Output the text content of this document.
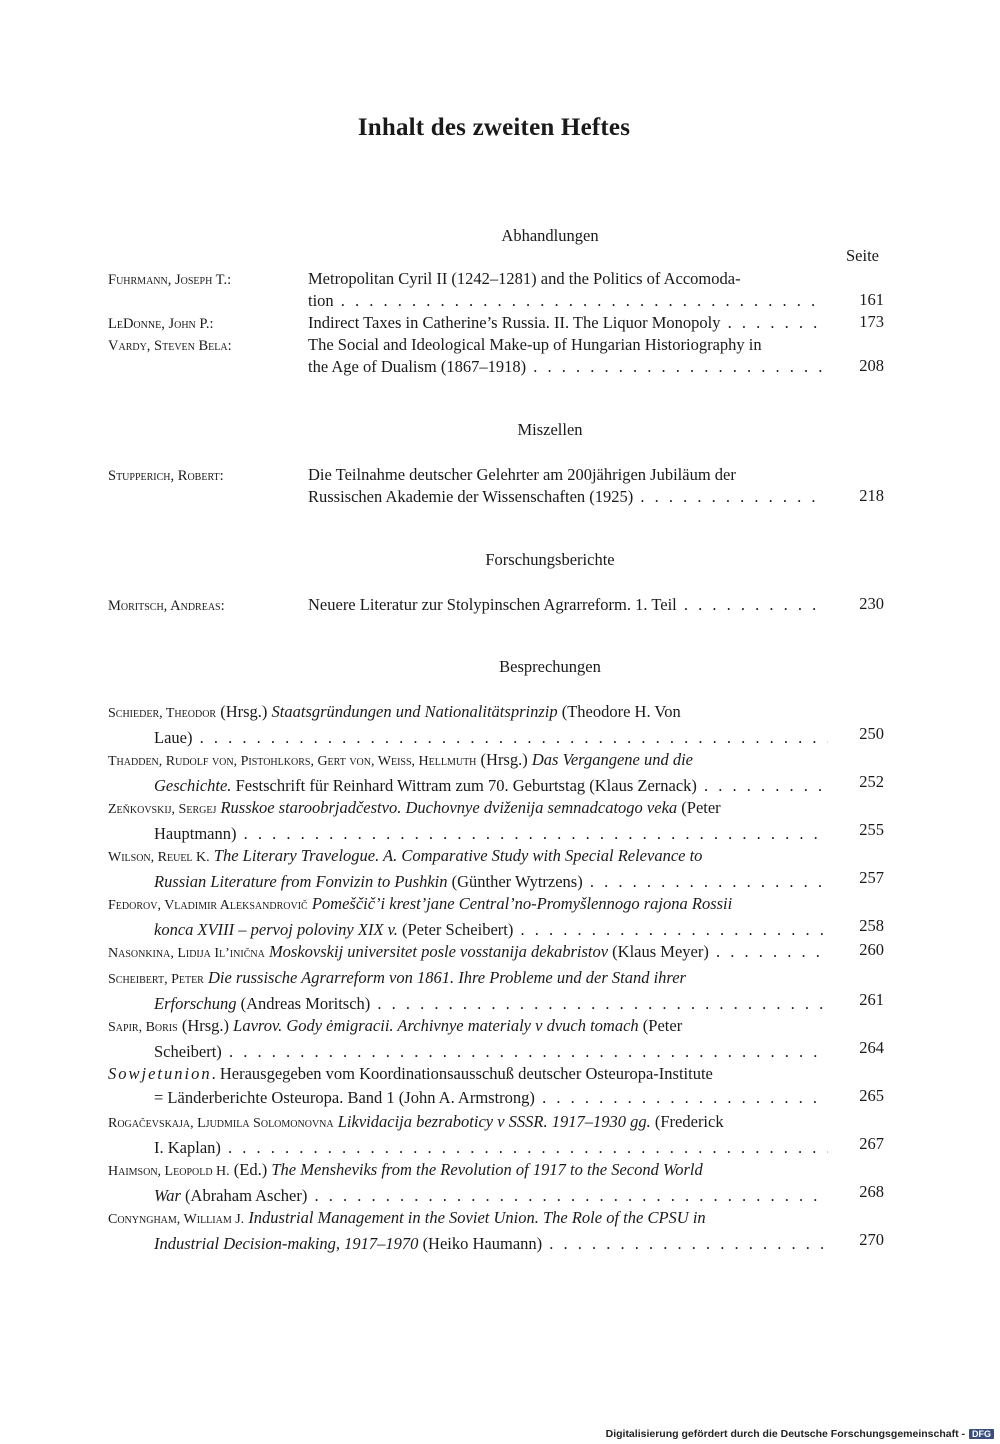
Inhalt des zweiten Heftes
Abhandlungen
Seite
Fuhrmann, Joseph T.:	Metropolitan Cyril II (1242–1281) and the Politics of Accomoda-
tion . . .	161
LeDonne, John P.:	Indirect Taxes in Catherine’s Russia. II. The Liquor Monopoly . . .	173
Vardy, Steven Bela:	The Social and Ideological Make-up of Hungarian Historiography in
the Age of Dualism (1867–1918) . . .	208
Miszellen
Stupperich, Robert:	Die Teilnahme deutscher Gelehrter am 200jährigen Jubiläum der
Russischen Akademie der Wissenschaften (1925) . . .	218
Forschungsberichte
Moritsch, Andreas:	Neuere Literatur zur Stolypinschen Agrarreform. 1. Teil . . .	230
Besprechungen
Schieder, Theodor (Hrsg.) Staatsgründungen und Nationalitätsprinzip (Theodore H. Von
Laue) . . .	250
Thadden, Rudolf von, Pistohlkors, Gert von, Weiss, Hellmuth (Hrsg.) Das Vergangene und die
Geschichte. Festschrift für Reinhard Wittram zum 70. Geburtstag (Klaus Zernack) . . .	252
Zeňkovskij, Sergej Russkoe staroobrjadčestvo. Duchovnye dviženija semnadcatogo veka (Peter
Hauptmann) . . .	255
Wilson, Reuel K. The Literary Travelogue. A. Comparative Study with Special Relevance to
Russian Literature from Fonvizin to Pushkin (Günther Wytrzens) . . .	257
Fedorov, Vladimir Aleksandrovič Pomeščič’i krest’jane Central’no-Promyšlennogo rajona Rossii
konca XVIII – pervoj poloviny XIX v. (Peter Scheibert) . . .	258
Nasonkina, Lidija Il’inična Moskovskij universitet posle vosstanija dekabristov (Klaus Meyer) . . .	260
Scheibert, Peter Die russische Agrarreform von 1861. Ihre Probleme und der Stand ihrer
Erforschung (Andreas Moritsch) . . .	261
Sapir, Boris (Hrsg.) Lavrov. Gody ėmigracii. Archivnye materialy v dvuch tomach (Peter
Scheibert) . . .	264
Sowjetunion. Herausgegeben vom Koordinationsausschuß deutscher Osteuropa-Institute
= Länderberichte Osteuropa. Band 1 (John A. Armstrong) . . .	265
Rogačevskaja, Ljudmila Solomonovna Likvidacija bezraboticy v SSSR. 1917–1930 gg. (Frederick
I. Kaplan) . . .	267
Haimson, Leopold H. (Ed.) The Mensheviks from the Revolution of 1917 to the Second World
War (Abraham Ascher) . . .	268
Conyngham, William J. Industrial Management in the Soviet Union. The Role of the CPSU in
Industrial Decision-making, 1917–1970 (Heiko Haumann) . . .	270
Digitalisierung gefördert durch die Deutsche Forschungsgemeinschaft - DFG
